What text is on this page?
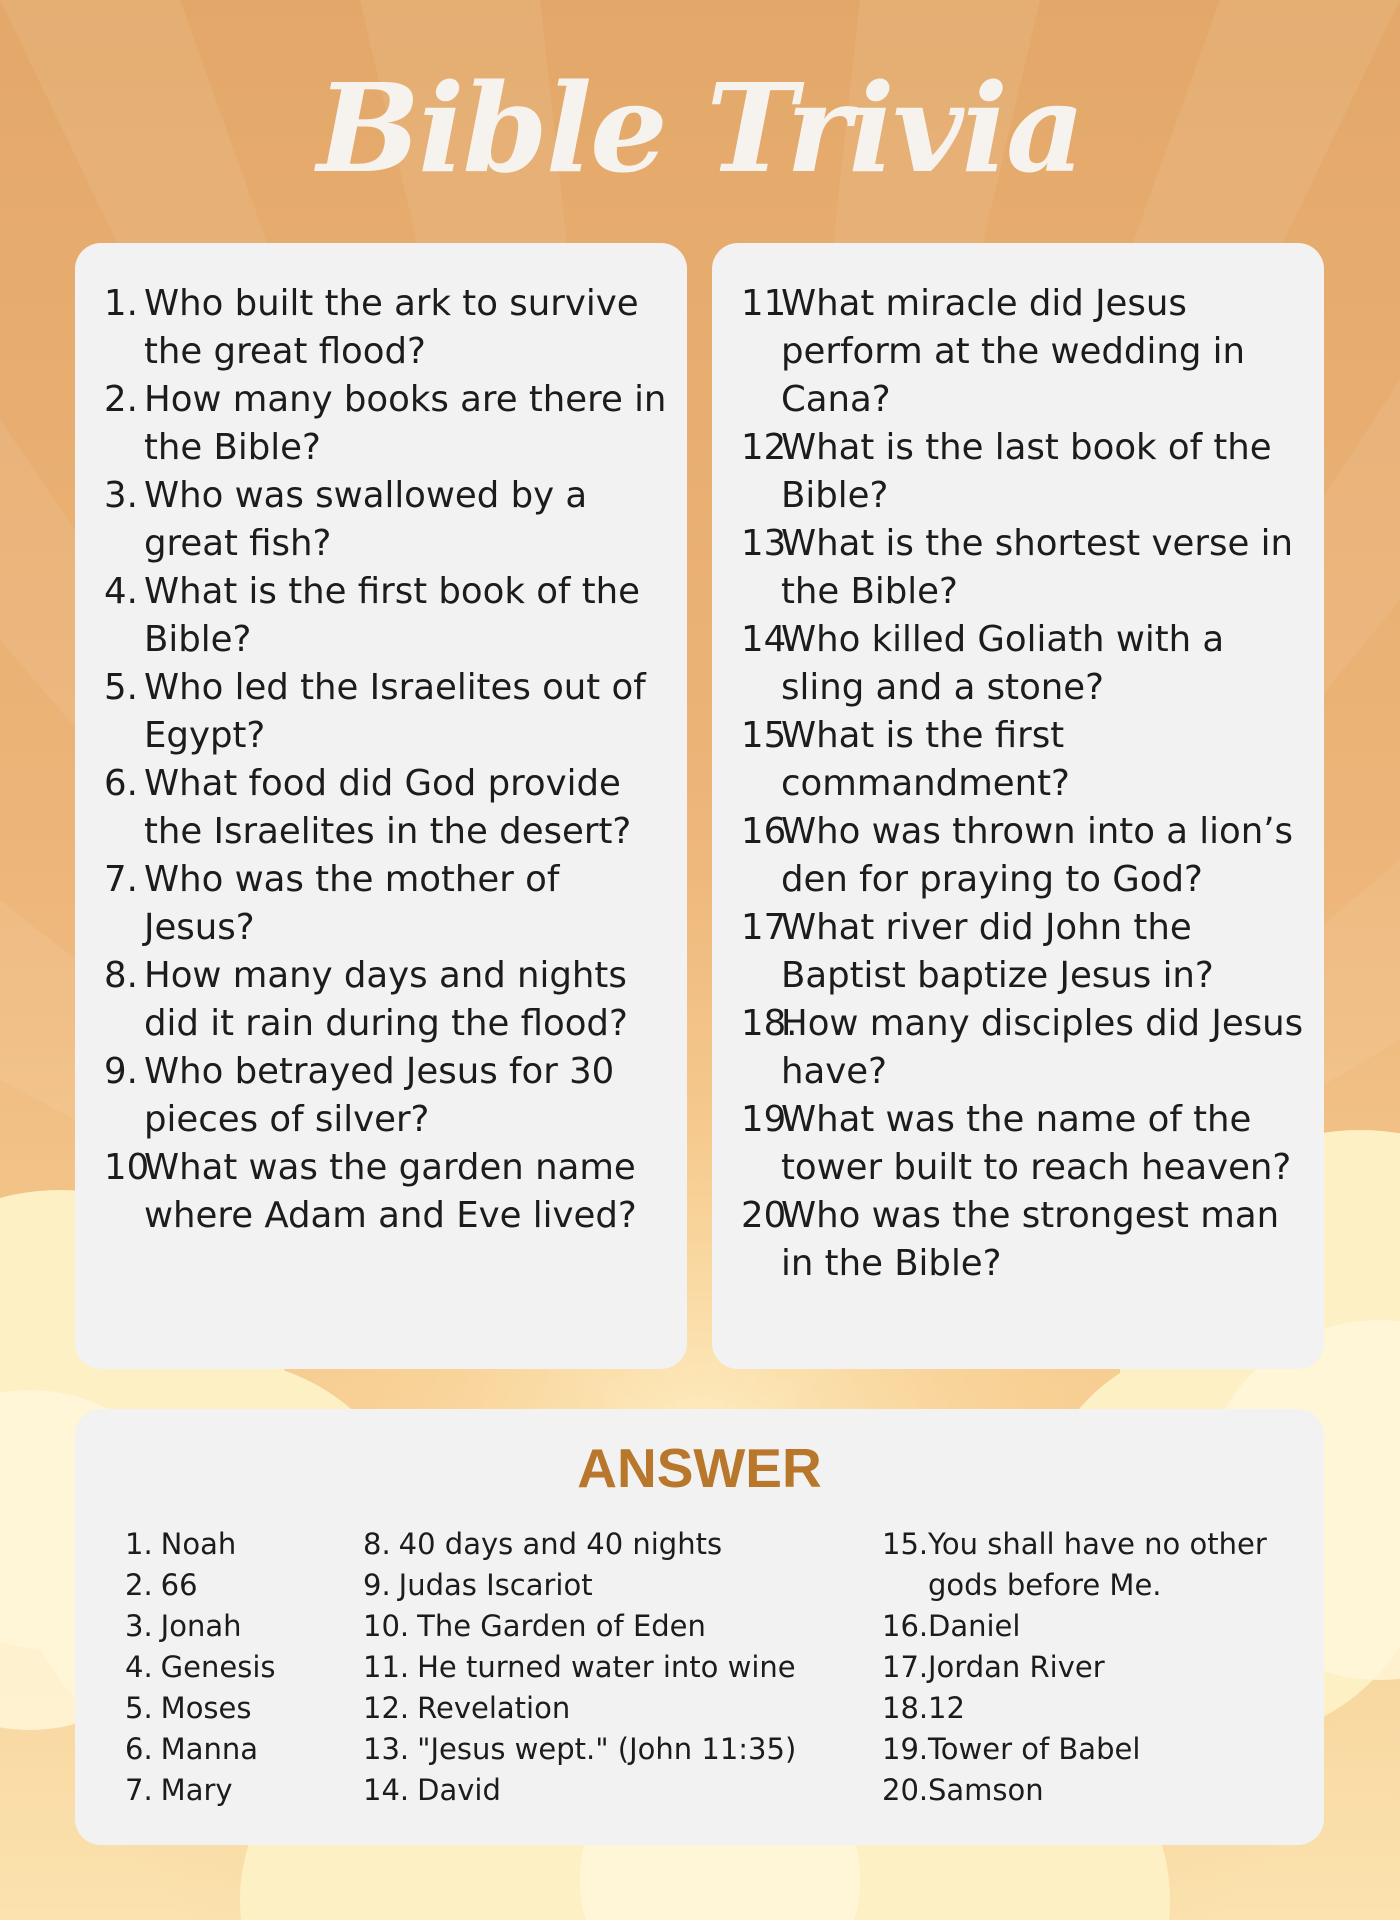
Bible Trivia
1. Who built the ark to survive the great flood?
2. How many books are there in the Bible?
3. Who was swallowed by a great fish?
4. What is the first book of the Bible?
5. Who led the Israelites out of Egypt?
6. What food did God provide the Israelites in the desert?
7. Who was the mother of Jesus?
8. How many days and nights did it rain during the flood?
9. Who betrayed Jesus for 30 pieces of silver?
10.
What was the garden name where Adam and Eve lived?
11.
What miracle did Jesus perform at the wedding in Cana?
12.
What is the last book of the Bible?
13.
What is the shortest verse in the Bible?
14.
Who killed Goliath with a sling and a stone?
15.
What is the first commandment?
16.
Who was thrown into a lion’s den for praying to God?
17.
What river did John the Baptist baptize Jesus in?
18.
How many disciples did Jesus have?
19.
What was the name of the tower built to reach heaven?
20.
Who was the strongest man in the Bible?
ANSWER
1. Noah
2. 66
3. Jonah
4. Genesis
5. Moses
6. Manna
7. Mary
8. 40 days and 40 nights
9. Judas Iscariot
10. The Garden of Eden
11. He turned water into wine
12. Revelation
13. "Jesus wept." (John 11:35)
14. David
15. You shall have no other gods before Me.
16. Daniel
17. Jordan River
18. 12
19. Tower of Babel
20. Samson
